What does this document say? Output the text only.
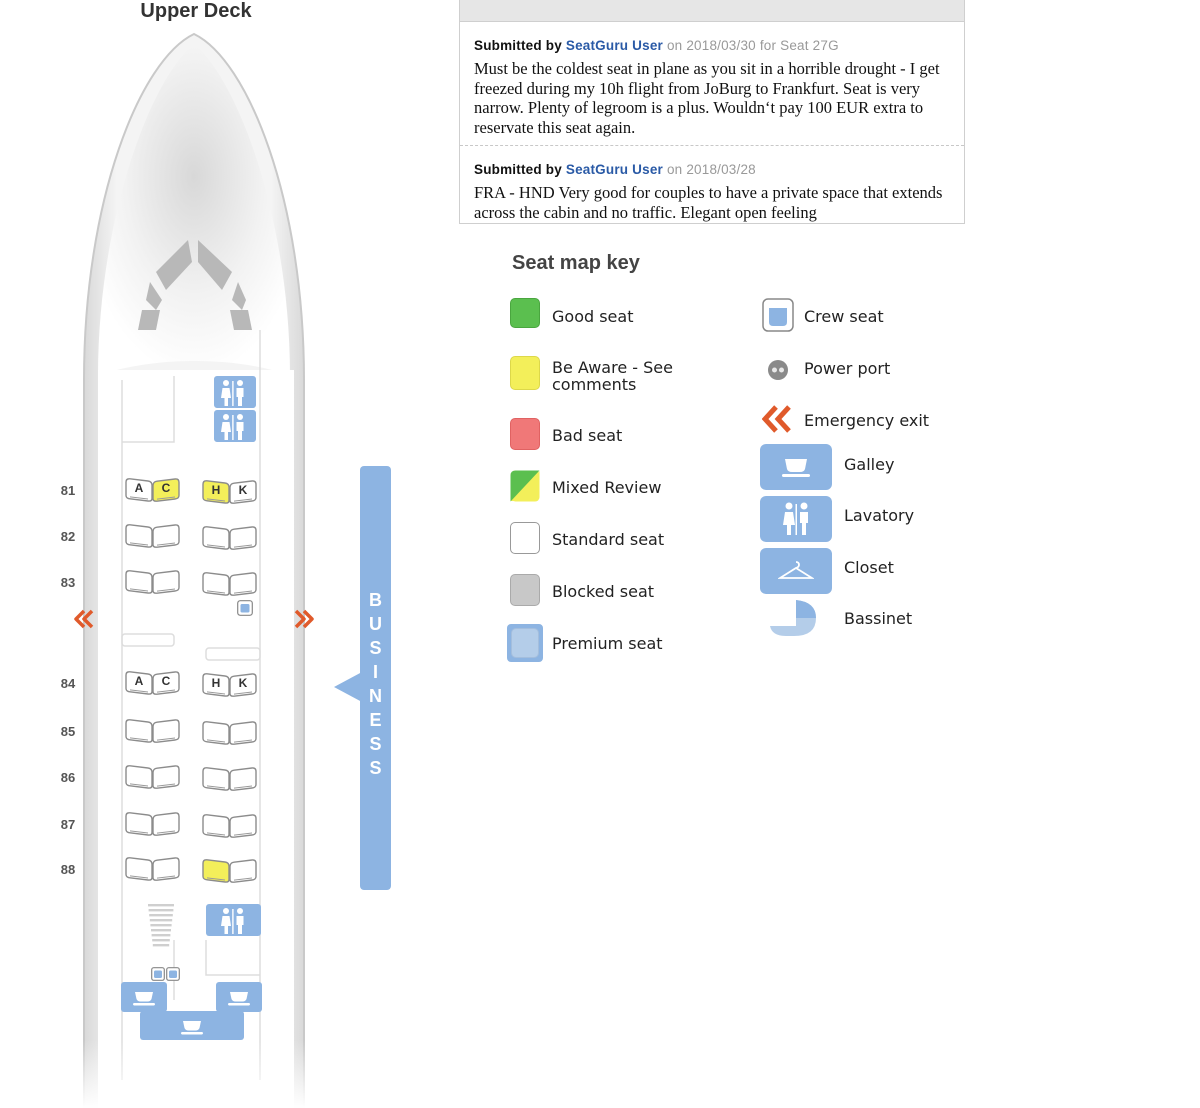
Upper Deck
81	A C	H K
82
83
84	A C	H K
85
86
87
88
B
U
S
I
N
E
S
S
Submitted by SeatGuru User on 2018/03/30 for Seat 27G
Must be the coldest seat in plane as you sit in a horrible drought - I get freezed during my 10h flight from JoBurg to Frankfurt. Seat is very narrow. Plenty of legroom is a plus. Wouldn‘t pay 100 EUR extra to reservate this seat again.
Submitted by SeatGuru User on 2018/03/28
FRA - HND Very good for couples to have a private space that extends across the cabin and no traffic. Elegant open feeling
Seat map key
Good seat
Be Aware - See comments
Bad seat
Mixed Review
Standard seat
Blocked seat
Premium seat
Crew seat
Power port
Emergency exit
Galley
Lavatory
Closet
Bassinet
